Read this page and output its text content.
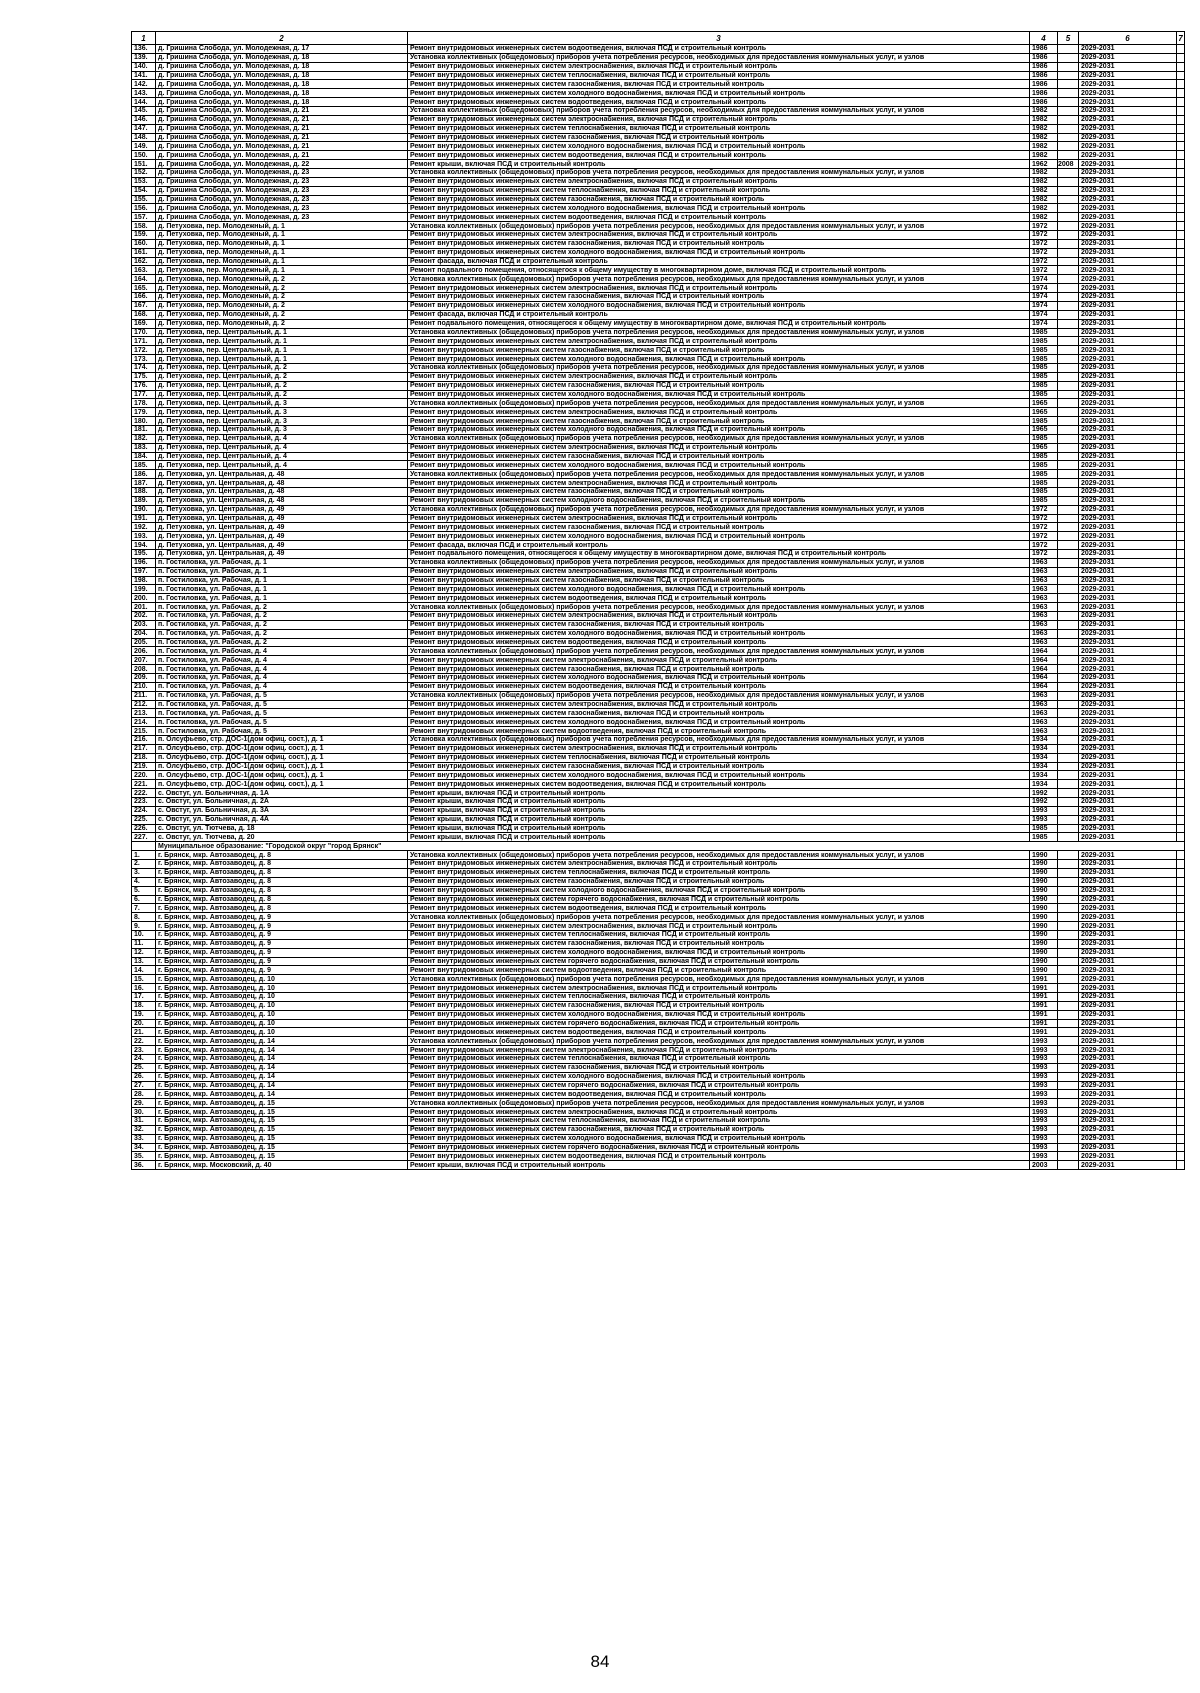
1	2	3	4	5	6	7
136.	д. Гришина Слобода, ул. Молодежная, д. 17	Ремонт внутридомовых инженерных систем водоотведения, включая ПСД и строительный контроль	1986		2029-2031	
139.	д. Гришина Слобода, ул. Молодежная, д. 18	Установка коллективных (общедомовых) приборов учета потребления ресурсов, необходимых для предоставления коммунальных услуг, и узлов	1986		2029-2031	
140.	д. Гришина Слобода, ул. Молодежная, д. 18	Ремонт внутридомовых инженерных систем электроснабжения, включая ПСД и строительный контроль	1986		2029-2031	
141.	д. Гришина Слобода, ул. Молодежная, д. 18	Ремонт внутридомовых инженерных систем теплоснабжения, включая ПСД и строительный контроль	1986		2029-2031	
142.	д. Гришина Слобода, ул. Молодежная, д. 18	Ремонт внутридомовых инженерных систем газоснабжения, включая ПСД и строительный контроль	1986		2029-2031	
143.	д. Гришина Слобода, ул. Молодежная, д. 18	Ремонт внутридомовых инженерных систем холодного водоснабжения, включая ПСД и строительный контроль	1986		2029-2031	
144.	д. Гришина Слобода, ул. Молодежная, д. 18	Ремонт внутридомовых инженерных систем водоотведения, включая ПСД и строительный контроль	1986		2029-2031	
145.	д. Гришина Слобода, ул. Молодежная, д. 21	Установка коллективных (общедомовых) приборов учета потребления ресурсов, необходимых для предоставления коммунальных услуг, и узлов	1982		2029-2031	
146.	д. Гришина Слобода, ул. Молодежная, д. 21	Ремонт внутридомовых инженерных систем электроснабжения, включая ПСД и строительный контроль	1982		2029-2031	
147.	д. Гришина Слобода, ул. Молодежная, д. 21	Ремонт внутридомовых инженерных систем теплоснабжения, включая ПСД и строительный контроль	1982		2029-2031	
148.	д. Гришина Слобода, ул. Молодежная, д. 21	Ремонт внутридомовых инженерных систем газоснабжения, включая ПСД и строительный контроль	1982		2029-2031	
149.	д. Гришина Слобода, ул. Молодежная, д. 21	Ремонт внутридомовых инженерных систем холодного водоснабжения, включая ПСД и строительный контроль	1982		2029-2031	
150.	д. Гришина Слобода, ул. Молодежная, д. 21	Ремонт внутридомовых инженерных систем водоотведения, включая ПСД и строительный контроль	1982		2029-2031	
151.	д. Гришина Слобода, ул. Молодежная, д. 22	Ремонт крыши, включая ПСД и строительный контроль	1962	2008	2029-2031	
152.	д. Гришина Слобода, ул. Молодежная, д. 23	Установка коллективных (общедомовых) приборов учета потребления ресурсов, необходимых для предоставления коммунальных услуг, и узлов	1982		2029-2031	
153.	д. Гришина Слобода, ул. Молодежная, д. 23	Ремонт внутридомовых инженерных систем электроснабжения, включая ПСД и строительный контроль	1982		2029-2031	
154.	д. Гришина Слобода, ул. Молодежная, д. 23	Ремонт внутридомовых инженерных систем теплоснабжения, включая ПСД и строительный контроль	1982		2029-2031	
155.	д. Гришина Слобода, ул. Молодежная, д. 23	Ремонт внутридомовых инженерных систем газоснабжения, включая ПСД и строительный контроль	1982		2029-2031	
156.	д. Гришина Слобода, ул. Молодежная, д. 23	Ремонт внутридомовых инженерных систем холодного водоснабжения, включая ПСД и строительный контроль	1982		2029-2031	
157.	д. Гришина Слобода, ул. Молодежная, д. 23	Ремонт внутридомовых инженерных систем водоотведения, включая ПСД и строительный контроль	1982		2029-2031	
158.	д. Петуховка, пер. Молодежный, д. 1	Установка коллективных (общедомовых) приборов учета потребления ресурсов, необходимых для предоставления коммунальных услуг, и узлов	1972		2029-2031	
159.	д. Петуховка, пер. Молодежный, д. 1	Ремонт внутридомовых инженерных систем электроснабжения, включая ПСД и строительный контроль	1972		2029-2031	
160.	д. Петуховка, пер. Молодежный, д. 1	Ремонт внутридомовых инженерных систем газоснабжения, включая ПСД и строительный контроль	1972		2029-2031	
161.	д. Петуховка, пер. Молодежный, д. 1	Ремонт внутридомовых инженерных систем холодного водоснабжения, включая ПСД и строительный контроль	1972		2029-2031	
162.	д. Петуховка, пер. Молодежный, д. 1	Ремонт фасада, включая ПСД и строительный контроль	1972		2029-2031	
163.	д. Петуховка, пер. Молодежный, д. 1	Ремонт подвального помещения, относящегося к общему имуществу в многоквартирном доме, включая ПСД и строительный контроль	1972		2029-2031	
164.	д. Петуховка, пер. Молодежный, д. 2	Установка коллективных (общедомовых) приборов учета потребления ресурсов, необходимых для предоставления коммунальных услуг, и узлов	1974		2029-2031	
165.	д. Петуховка, пер. Молодежный, д. 2	Ремонт внутридомовых инженерных систем электроснабжения, включая ПСД и строительный контроль	1974		2029-2031	
166.	д. Петуховка, пер. Молодежный, д. 2	Ремонт внутридомовых инженерных систем газоснабжения, включая ПСД и строительный контроль	1974		2029-2031	
167.	д. Петуховка, пер. Молодежный, д. 2	Ремонт внутридомовых инженерных систем холодного водоснабжения, включая ПСД и строительный контроль	1974		2029-2031	
168.	д. Петуховка, пер. Молодежный, д. 2	Ремонт фасада, включая ПСД и строительный контроль	1974		2029-2031	
169.	д. Петуховка, пер. Молодежный, д. 2	Ремонт подвального помещения, относящегося к общему имуществу в многоквартирном доме, включая ПСД и строительный контроль	1974		2029-2031	
170.	д. Петуховка, пер. Центральный, д. 1	Установка коллективных (общедомовых) приборов учета потребления ресурсов, необходимых для предоставления коммунальных услуг, и узлов	1985		2029-2031	
171.	д. Петуховка, пер. Центральный, д. 1	Ремонт внутридомовых инженерных систем электроснабжения, включая ПСД и строительный контроль	1985		2029-2031	
172.	д. Петуховка, пер. Центральный, д. 1	Ремонт внутридомовых инженерных систем газоснабжения, включая ПСД и строительный контроль	1985		2029-2031	
173.	д. Петуховка, пер. Центральный, д. 1	Ремонт внутридомовых инженерных систем холодного водоснабжения, включая ПСД и строительный контроль	1985		2029-2031	
174.	д. Петуховка, пер. Центральный, д. 2	Установка коллективных (общедомовых) приборов учета потребления ресурсов, необходимых для предоставления коммунальных услуг, и узлов	1985		2029-2031	
175.	д. Петуховка, пер. Центральный, д. 2	Ремонт внутридомовых инженерных систем электроснабжения, включая ПСД и строительный контроль	1985		2029-2031	
176.	д. Петуховка, пер. Центральный, д. 2	Ремонт внутридомовых инженерных систем газоснабжения, включая ПСД и строительный контроль	1985		2029-2031	
177.	д. Петуховка, пер. Центральный, д. 2	Ремонт внутридомовых инженерных систем холодного водоснабжения, включая ПСД и строительный контроль	1985		2029-2031	
178.	д. Петуховка, пер. Центральный, д. 3	Установка коллективных (общедомовых) приборов учета потребления ресурсов, необходимых для предоставления коммунальных услуг, и узлов	1965		2029-2031	
179.	д. Петуховка, пер. Центральный, д. 3	Ремонт внутридомовых инженерных систем электроснабжения, включая ПСД и строительный контроль	1965		2029-2031	
180.	д. Петуховка, пер. Центральный, д. 3	Ремонт внутридомовых инженерных систем газоснабжения, включая ПСД и строительный контроль	1985		2029-2031	
181.	д. Петуховка, пер. Центральный, д. 3	Ремонт внутридомовых инженерных систем холодного водоснабжения, включая ПСД и строительный контроль	1965		2029-2031	
182.	д. Петуховка, пер. Центральный, д. 4	Установка коллективных (общедомовых) приборов учета потребления ресурсов, необходимых для предоставления коммунальных услуг, и узлов	1985		2029-2031	
183.	д. Петуховка, пер. Центральный, д. 4	Ремонт внутридомовых инженерных систем электроснабжения, включая ПСД и строительный контроль	1965		2029-2031	
184.	д. Петуховка, пер. Центральный, д. 4	Ремонт внутридомовых инженерных систем газоснабжения, включая ПСД и строительный контроль	1985		2029-2031	
185.	д. Петуховка, пер. Центральный, д. 4	Ремонт внутридомовых инженерных систем холодного водоснабжения, включая ПСД и строительный контроль	1985		2029-2031	
186.	д. Петуховка, ул. Центральная, д. 48	Установка коллективных (общедомовых) приборов учета потребления ресурсов, необходимых для предоставления коммунальных услуг, и узлов	1985		2029-2031	
187.	д. Петуховка, ул. Центральная, д. 48	Ремонт внутридомовых инженерных систем электроснабжения, включая ПСД и строительный контроль	1985		2029-2031	
188.	д. Петуховка, ул. Центральная, д. 48	Ремонт внутридомовых инженерных систем газоснабжения, включая ПСД и строительный контроль	1985		2029-2031	
189.	д. Петуховка, ул. Центральная, д. 48	Ремонт внутридомовых инженерных систем холодного водоснабжения, включая ПСД и строительный контроль	1985		2029-2031	
190.	д. Петуховка, ул. Центральная, д. 49	Установка коллективных (общедомовых) приборов учета потребления ресурсов, необходимых для предоставления коммунальных услуг, и узлов	1972		2029-2031	
191.	д. Петуховка, ул. Центральная, д. 49	Ремонт внутридомовых инженерных систем электроснабжения, включая ПСД и строительный контроль	1972		2029-2031	
192.	д. Петуховка, ул. Центральная, д. 49	Ремонт внутридомовых инженерных систем газоснабжения, включая ПСД и строительный контроль	1972		2029-2031	
193.	д. Петуховка, ул. Центральная, д. 49	Ремонт внутридомовых инженерных систем холодного водоснабжения, включая ПСД и строительный контроль	1972		2029-2031	
194.	д. Петуховка, ул. Центральная, д. 49	Ремонт фасада, включая ПСД и строительный контроль	1972		2029-2031	
195.	д. Петуховка, ул. Центральная, д. 49	Ремонт подвального помещения, относящегося к общему имуществу в многоквартирном доме, включая ПСД и строительный контроль	1972		2029-2031	
196.	п. Гостиловка, ул. Рабочая, д. 1	Установка коллективных (общедомовых) приборов учета потребления ресурсов, необходимых для предоставления коммунальных услуг, и узлов	1963		2029-2031	
197.	п. Гостиловка, ул. Рабочая, д. 1	Ремонт внутридомовых инженерных систем электроснабжения, включая ПСД и строительный контроль	1963		2029-2031	
198.	п. Гостиловка, ул. Рабочая, д. 1	Ремонт внутридомовых инженерных систем газоснабжения, включая ПСД и строительный контроль	1963		2029-2031	
199.	п. Гостиловка, ул. Рабочая, д. 1	Ремонт внутридомовых инженерных систем холодного водоснабжения, включая ПСД и строительный контроль	1963		2029-2031	
200.	п. Гостиловка, ул. Рабочая, д. 1	Ремонт внутридомовых инженерных систем водоотведения, включая ПСД и строительный контроль	1963		2029-2031	
201.	п. Гостиловка, ул. Рабочая, д. 2	Установка коллективных (общедомовых) приборов учета потребления ресурсов, необходимых для предоставления коммунальных услуг, и узлов	1963		2029-2031	
202.	п. Гостиловка, ул. Рабочая, д. 2	Ремонт внутридомовых инженерных систем электроснабжения, включая ПСД и строительный контроль	1963		2029-2031	
203.	п. Гостиловка, ул. Рабочая, д. 2	Ремонт внутридомовых инженерных систем газоснабжения, включая ПСД и строительный контроль	1963		2029-2031	
204.	п. Гостиловка, ул. Рабочая, д. 2	Ремонт внутридомовых инженерных систем холодного водоснабжения, включая ПСД и строительный контроль	1963		2029-2031	
205.	п. Гостиловка, ул. Рабочая, д. 2	Ремонт внутридомовых инженерных систем водоотведения, включая ПСД и строительный контроль	1963		2029-2031	
206.	п. Гостиловка, ул. Рабочая, д. 4	Установка коллективных (общедомовых) приборов учета потребления ресурсов, необходимых для предоставления коммунальных услуг, и узлов	1964		2029-2031	
207.	п. Гостиловка, ул. Рабочая, д. 4	Ремонт внутридомовых инженерных систем электроснабжения, включая ПСД и строительный контроль	1964		2029-2031	
208.	п. Гостиловка, ул. Рабочая, д. 4	Ремонт внутридомовых инженерных систем газоснабжения, включая ПСД и строительный контроль	1964		2029-2031	
209.	п. Гостиловка, ул. Рабочая, д. 4	Ремонт внутридомовых инженерных систем холодного водоснабжения, включая ПСД и строительный контроль	1964		2029-2031	
210.	п. Гостиловка, ул. Рабочая, д. 4	Ремонт внутридомовых инженерных систем водоотведения, включая ПСД и строительный контроль	1964		2029-2031	
211.	п. Гостиловка, ул. Рабочая, д. 5	Установка коллективных (общедомовых) приборов учета потребления ресурсов, необходимых для предоставления коммунальных услуг, и узлов	1963		2029-2031	
212.	п. Гостиловка, ул. Рабочая, д. 5	Ремонт внутридомовых инженерных систем электроснабжения, включая ПСД и строительный контроль	1963		2029-2031	
213.	п. Гостиловка, ул. Рабочая, д. 5	Ремонт внутридомовых инженерных систем газоснабжения, включая ПСД и строительный контроль	1963		2029-2031	
214.	п. Гостиловка, ул. Рабочая, д. 5	Ремонт внутридомовых инженерных систем холодного водоснабжения, включая ПСД и строительный контроль	1963		2029-2031	
215.	п. Гостиловка, ул. Рабочая, д. 5	Ремонт внутридомовых инженерных систем водоотведения, включая ПСД и строительный контроль	1963		2029-2031	
216.	п. Олсуфьево, стр. ДОС-1(дом офиц. сост.), д. 1	Установка коллективных (общедомовых) приборов учета потребления ресурсов, необходимых для предоставления коммунальных услуг, и узлов	1934		2029-2031	
217.	п. Олсуфьево, стр. ДОС-1(дом офиц. сост.), д. 1	Ремонт внутридомовых инженерных систем электроснабжения, включая ПСД и строительный контроль	1934		2029-2031	
218.	п. Олсуфьево, стр. ДОС-1(дом офиц. сост.), д. 1	Ремонт внутридомовых инженерных систем теплоснабжения, включая ПСД и строительный контроль	1934		2029-2031	
219.	п. Олсуфьево, стр. ДОС-1(дом офиц. сост.), д. 1	Ремонт внутридомовых инженерных систем газоснабжения, включая ПСД и строительный контроль	1934		2029-2031	
220.	п. Олсуфьево, стр. ДОС-1(дом офиц. сост.), д. 1	Ремонт внутридомовых инженерных систем холодного водоснабжения, включая ПСД и строительный контроль	1934		2029-2031	
221.	п. Олсуфьево, стр. ДОС-1(дом офиц. сост.), д. 1	Ремонт внутридомовых инженерных систем водоотведения, включая ПСД и строительный контроль	1934		2029-2031	
222.	с. Овстуг, ул. Больничная, д. 1А	Ремонт крыши, включая ПСД и строительный контроль	1992		2029-2031	
223.	с. Овстуг, ул. Больничная, д. 2А	Ремонт крыши, включая ПСД и строительный контроль	1992		2029-2031	
224.	с. Овстуг, ул. Больничная, д. 3А	Ремонт крыши, включая ПСД и строительный контроль	1993		2029-2031	
225.	с. Овстуг, ул. Больничная, д. 4А	Ремонт крыши, включая ПСД и строительный контроль	1993		2029-2031	
226.	с. Овстуг, ул. Тютчева, д. 18	Ремонт крыши, включая ПСД и строительный контроль	1985		2029-2031	
227.	с. Овстуг, ул. Тютчева, д. 20	Ремонт крыши, включая ПСД и строительный контроль	1985		2029-2031	
	Муниципальное образование: "Городской округ "город Брянск"					
1.	г. Брянск, мкр. Автозаводец, д. 8	Установка коллективных (общедомовых) приборов учета потребления ресурсов, необходимых для предоставления коммунальных услуг, и узлов	1990		2029-2031	
2.	г. Брянск, мкр. Автозаводец, д. 8	Ремонт внутридомовых инженерных систем электроснабжения, включая ПСД и строительный контроль	1990		2029-2031	
3.	г. Брянск, мкр. Автозаводец, д. 8	Ремонт внутридомовых инженерных систем теплоснабжения, включая ПСД и строительный контроль	1990		2029-2031	
4.	г. Брянск, мкр. Автозаводец, д. 8	Ремонт внутридомовых инженерных систем газоснабжения, включая ПСД и строительный контроль	1990		2029-2031	
5.	г. Брянск, мкр. Автозаводец, д. 8	Ремонт внутридомовых инженерных систем холодного водоснабжения, включая ПСД и строительный контроль	1990		2029-2031	
6.	г. Брянск, мкр. Автозаводец, д. 8	Ремонт внутридомовых инженерных систем горячего водоснабжения, включая ПСД и строительный контроль	1990		2029-2031	
7.	г. Брянск, мкр. Автозаводец, д. 8	Ремонт внутридомовых инженерных систем водоотведения, включая ПСД и строительный контроль	1990		2029-2031	
8.	г. Брянск, мкр. Автозаводец, д. 9	Установка коллективных (общедомовых) приборов учета потребления ресурсов, необходимых для предоставления коммунальных услуг, и узлов	1990		2029-2031	
9.	г. Брянск, мкр. Автозаводец, д. 9	Ремонт внутридомовых инженерных систем электроснабжения, включая ПСД и строительный контроль	1990		2029-2031	
10.	г. Брянск, мкр. Автозаводец, д. 9	Ремонт внутридомовых инженерных систем теплоснабжения, включая ПСД и строительный контроль	1990		2029-2031	
11.	г. Брянск, мкр. Автозаводец, д. 9	Ремонт внутридомовых инженерных систем газоснабжения, включая ПСД и строительный контроль	1990		2029-2031	
12.	г. Брянск, мкр. Автозаводец, д. 9	Ремонт внутридомовых инженерных систем холодного водоснабжения, включая ПСД и строительный контроль	1990		2029-2031	
13.	г. Брянск, мкр. Автозаводец, д. 9	Ремонт внутридомовых инженерных систем горячего водоснабжения, включая ПСД и строительный контроль	1990		2029-2031	
14.	г. Брянск, мкр. Автозаводец, д. 9	Ремонт внутридомовых инженерных систем водоотведения, включая ПСД и строительный контроль	1990		2029-2031	
15.	г. Брянск, мкр. Автозаводец, д. 10	Установка коллективных (общедомовых) приборов учета потребления ресурсов, необходимых для предоставления коммунальных услуг, и узлов	1991		2029-2031	
16.	г. Брянск, мкр. Автозаводец, д. 10	Ремонт внутридомовых инженерных систем электроснабжения, включая ПСД и строительный контроль	1991		2029-2031	
17.	г. Брянск, мкр. Автозаводец, д. 10	Ремонт внутридомовых инженерных систем теплоснабжения, включая ПСД и строительный контроль	1991		2029-2031	
18.	г. Брянск, мкр. Автозаводец, д. 10	Ремонт внутридомовых инженерных систем газоснабжения, включая ПСД и строительный контроль	1991		2029-2031	
19.	г. Брянск, мкр. Автозаводец, д. 10	Ремонт внутридомовых инженерных систем холодного водоснабжения, включая ПСД и строительный контроль	1991		2029-2031	
20.	г. Брянск, мкр. Автозаводец, д. 10	Ремонт внутридомовых инженерных систем горячего водоснабжения, включая ПСД и строительный контроль	1991		2029-2031	
21.	г. Брянск, мкр. Автозаводец, д. 10	Ремонт внутридомовых инженерных систем водоотведения, включая ПСД и строительный контроль	1991		2029-2031	
22.	г. Брянск, мкр. Автозаводец, д. 14	Установка коллективных (общедомовых) приборов учета потребления ресурсов, необходимых для предоставления коммунальных услуг, и узлов	1993		2029-2031	
23.	г. Брянск, мкр. Автозаводец, д. 14	Ремонт внутридомовых инженерных систем электроснабжения, включая ПСД и строительный контроль	1993		2029-2031	
24.	г. Брянск, мкр. Автозаводец, д. 14	Ремонт внутридомовых инженерных систем теплоснабжения, включая ПСД и строительный контроль	1993		2029-2031	
25.	г. Брянск, мкр. Автозаводец, д. 14	Ремонт внутридомовых инженерных систем газоснабжения, включая ПСД и строительный контроль	1993		2029-2031	
26.	г. Брянск, мкр. Автозаводец, д. 14	Ремонт внутридомовых инженерных систем холодного водоснабжения, включая ПСД и строительный контроль	1993		2029-2031	
27.	г. Брянск, мкр. Автозаводец, д. 14	Ремонт внутридомовых инженерных систем горячего водоснабжения, включая ПСД и строительный контроль	1993		2029-2031	
28.	г. Брянск, мкр. Автозаводец, д. 14	Ремонт внутридомовых инженерных систем водоотведения, включая ПСД и строительный контроль	1993		2029-2031	
29.	г. Брянск, мкр. Автозаводец, д. 15	Установка коллективных (общедомовых) приборов учета потребления ресурсов, необходимых для предоставления коммунальных услуг, и узлов	1993		2029-2031	
30.	г. Брянск, мкр. Автозаводец, д. 15	Ремонт внутридомовых инженерных систем электроснабжения, включая ПСД и строительный контроль	1993		2029-2031	
31.	г. Брянск, мкр. Автозаводец, д. 15	Ремонт внутридомовых инженерных систем теплоснабжения, включая ПСД и строительный контроль	1993		2029-2031	
32.	г. Брянск, мкр. Автозаводец, д. 15	Ремонт внутридомовых инженерных систем газоснабжения, включая ПСД и строительный контроль	1993		2029-2031	
33.	г. Брянск, мкр. Автозаводец, д. 15	Ремонт внутридомовых инженерных систем холодного водоснабжения, включая ПСД и строительный контроль	1993		2029-2031	
34.	г. Брянск, мкр. Автозаводец, д. 15	Ремонт внутридомовых инженерных систем горячего водоснабжения, включая ПСД и строительный контроль	1993		2029-2031	
35.	г. Брянск, мкр. Автозаводец, д. 15	Ремонт внутридомовых инженерных систем водоотведения, включая ПСД и строительный контроль	1993		2029-2031	
36.	г. Брянск, мкр. Московский, д. 40	Ремонт крыши, включая ПСД и строительный контроль	2003		2029-2031	
84
